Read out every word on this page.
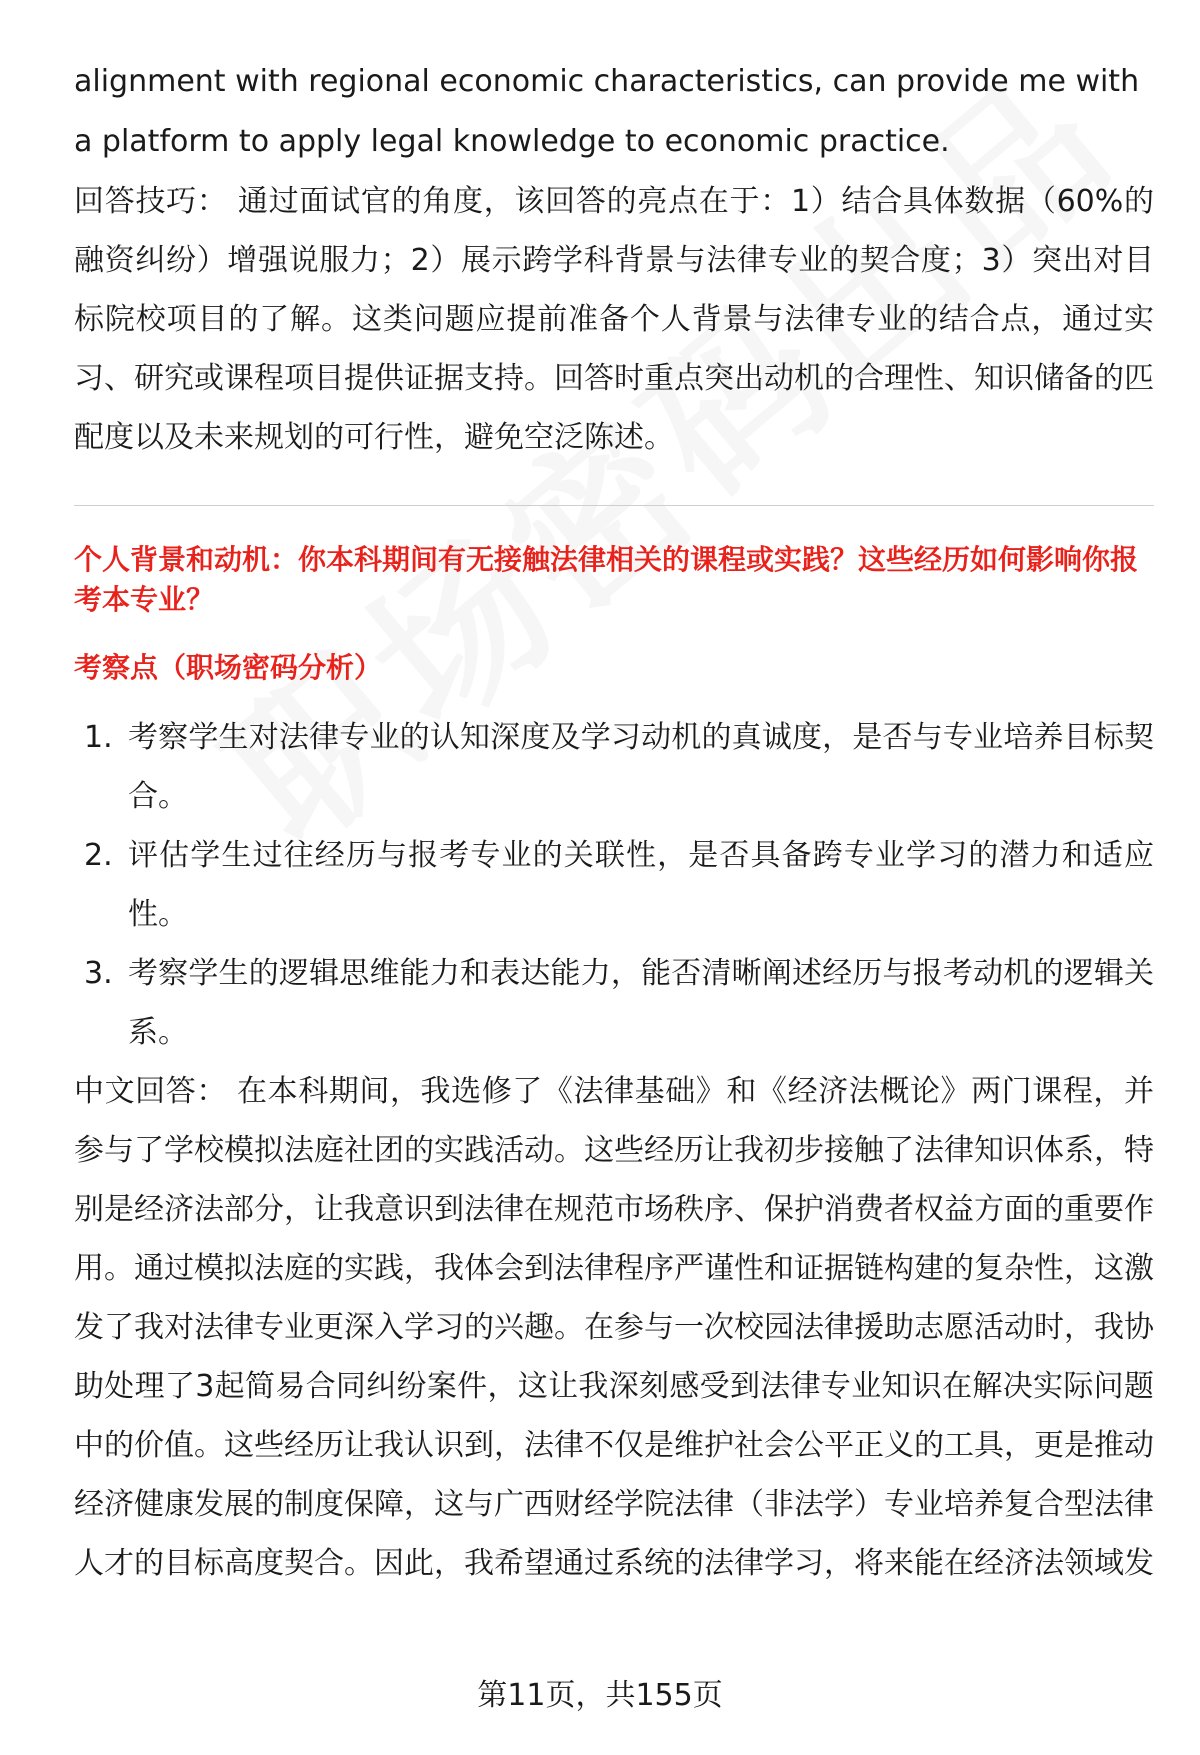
alignment with regional economic characteristics, can provide me with a platform to apply legal knowledge to economic practice.

回答技巧： 通过面试官的角度，该回答的亮点在于：1）结合具体数据（60%的融资纠纷）增强说服力；2）展示跨学科背景与法律专业的契合度；3）突出对目标院校项目的了解。这类问题应提前准备个人背景与法律专业的结合点，通过实习、研究或课程项目提供证据支持。回答时重点突出动机的合理性、知识储备的匹配度以及未来规划的可行性，避免空泛陈述。

个人背景和动机：你本科期间有无接触法律相关的课程或实践？这些经历如何影响你报考本专业？

考察点（职场密码分析）

1. 考察学生对法律专业的认知深度及学习动机的真诚度，是否与专业培养目标契合。
2. 评估学生过往经历与报考专业的关联性，是否具备跨专业学习的潜力和适应性。
3. 考察学生的逻辑思维能力和表达能力，能否清晰阐述经历与报考动机的逻辑关系。

中文回答： 在本科期间，我选修了《法律基础》和《经济法概论》两门课程，并参与了学校模拟法庭社团的实践活动。这些经历让我初步接触了法律知识体系，特别是经济法部分，让我意识到法律在规范市场秩序、保护消费者权益方面的重要作用。通过模拟法庭的实践，我体会到法律程序严谨性和证据链构建的复杂性，这激发了我对法律专业更深入学习的兴趣。在参与一次校园法律援助志愿活动时，我协助处理了3起简易合同纠纷案件，这让我深刻感受到法律专业知识在解决实际问题中的价值。这些经历让我认识到，法律不仅是维护社会公平正义的工具，更是推动经济健康发展的制度保障，这与广西财经学院法律（非法学）专业培养复合型法律人才的目标高度契合。因此，我希望通过系统的法律学习，将来能在经济法领域发

第11页，共155页
